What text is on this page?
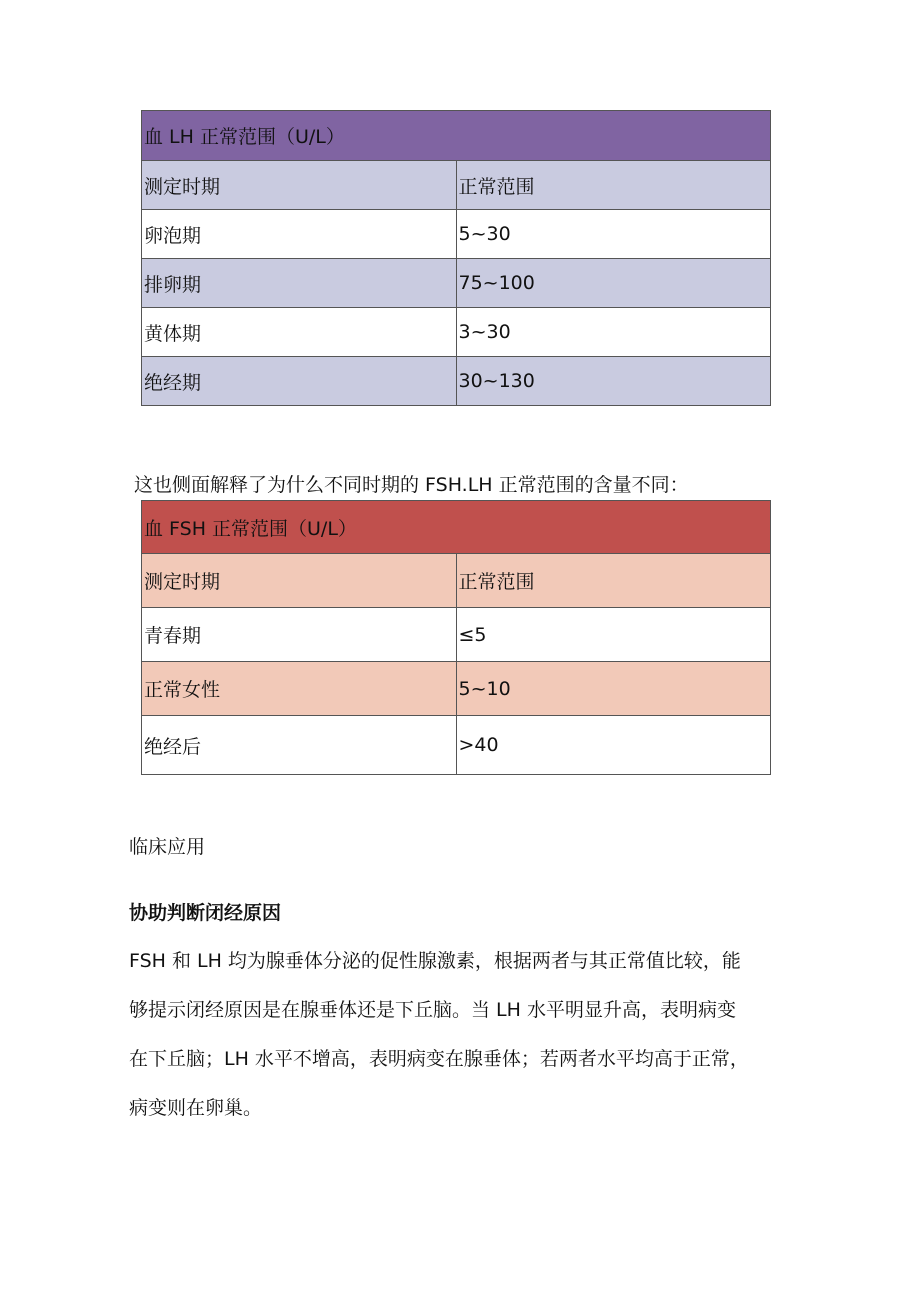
血 LH 正常范围（U/L）	
测定时期	正常范围
卵泡期	5~30
排卵期	75~100
黄体期	3~30
绝经期	30~130
这也侧面解释了为什么不同时期的 FSH.LH 正常范围的含量不同：
血 FSH 正常范围（U/L）	
测定时期	正常范围
青春期	≤5
正常女性	5~10
绝经后	>40
临床应用
协助判断闭经原因
FSH 和 LH 均为腺垂体分泌的促性腺激素，根据两者与其正常值比较，能
够提示闭经原因是在腺垂体还是下丘脑。当 LH 水平明显升高，表明病变
在下丘脑；LH 水平不增高，表明病变在腺垂体；若两者水平均高于正常，
病变则在卵巢。
